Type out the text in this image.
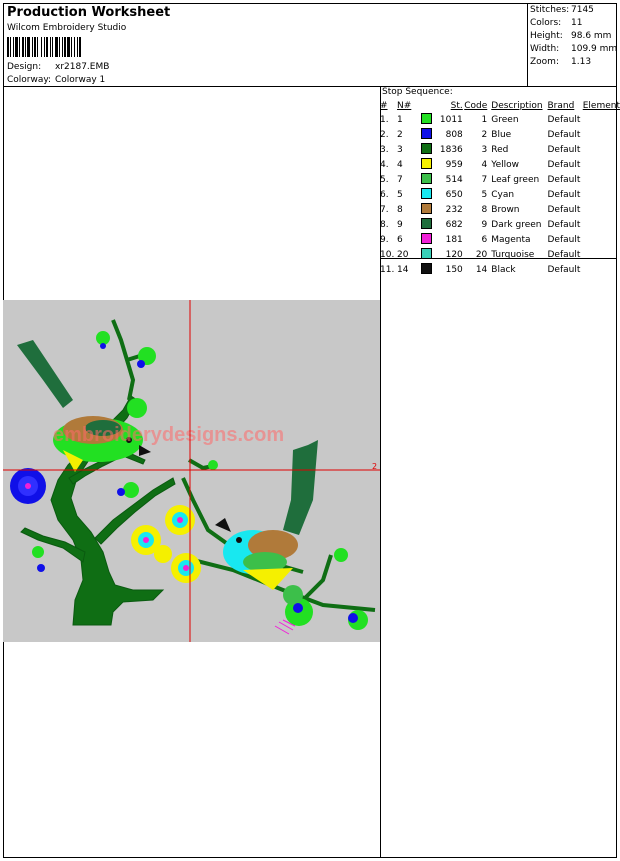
Production Worksheet
Wilcom Embroidery Studio
Design: xr2187.EMB
Colorway: Colorway 1
Stitches: 7145
Colors: 11
Height: 98.6 mm
Width: 109.9 mm
Zoom: 1.13
Stop Sequence:
#	N#		St.	Code	Description	Brand	Element
1.	1		1011	1	Green	Default	
2.	2		808	2	Blue	Default	
3.	3		1836	3	Red	Default	
4.	4		959	4	Yellow	Default	
5.	7		514	7	Leaf green	Default	
6.	5		650	5	Cyan	Default	
7.	8		232	8	Brown	Default	
8.	9		682	9	Dark green	Default	
9.	6		181	6	Magenta	Default	
10.	20		120	20	Turquoise	Default	
11.	14		150	14	Black	Default	
embroiderydesigns.com
2
